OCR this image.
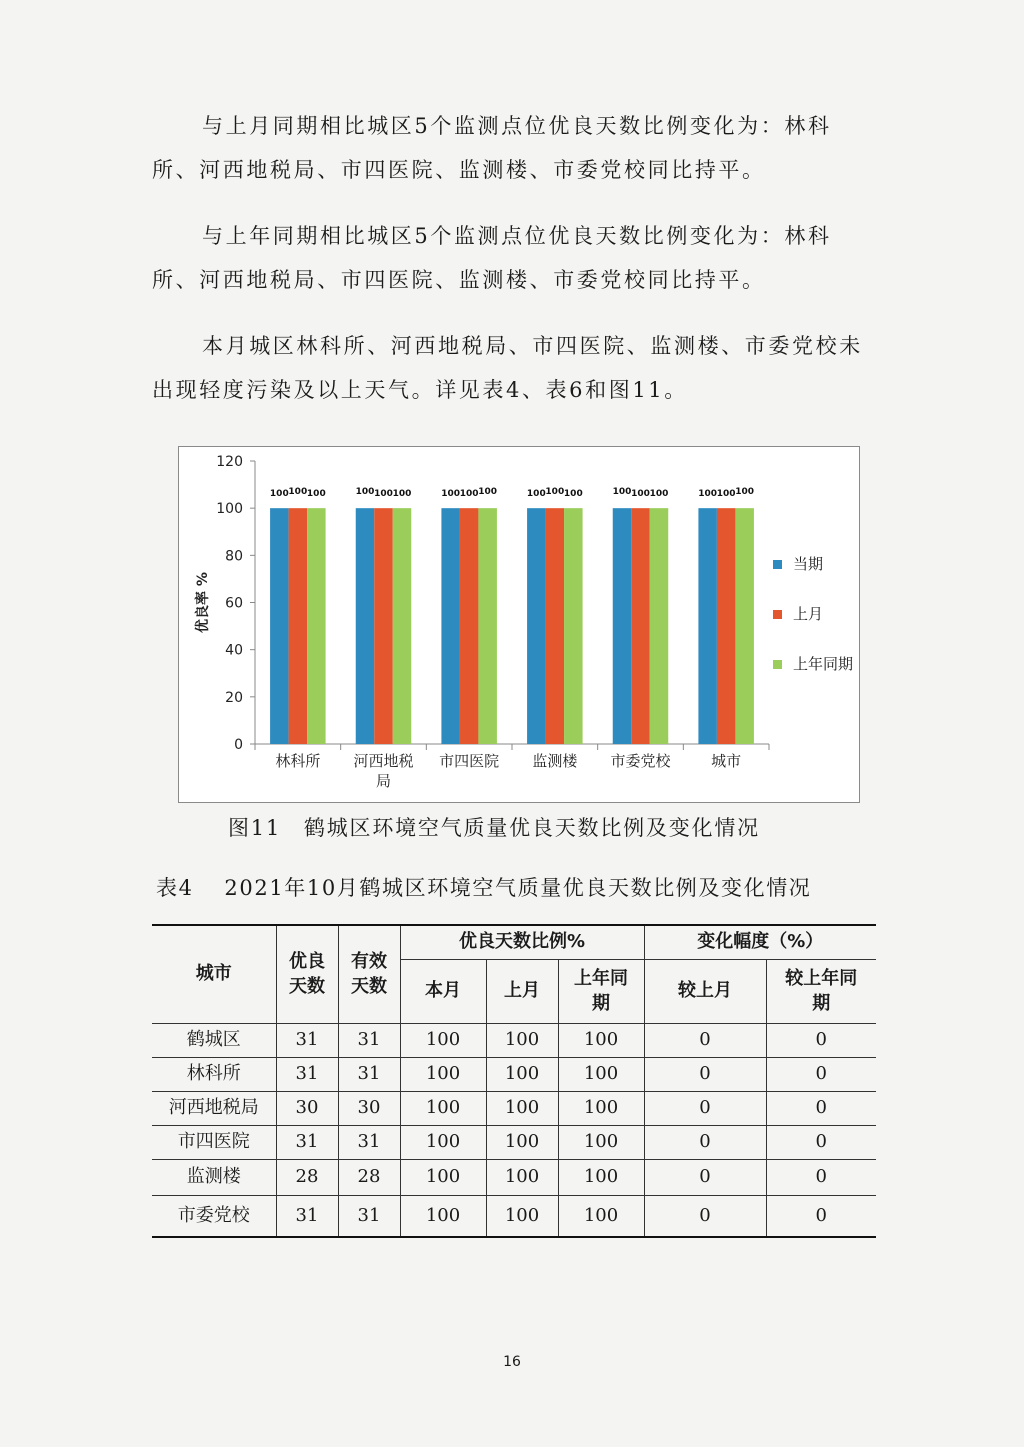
与上月同期相比城区5个监测点位优良天数比例变化为：林科所、河西地税局、市四医院、监测楼、市委党校同比持平。

与上年同期相比城区5个监测点位优良天数比例变化为：林科所、河西地税局、市四医院、监测楼、市委党校同比持平。

本月城区林科所、河西地税局、市四医院、监测楼、市委党校未出现轻度污染及以上天气。详见表4、表6和图11。

0
20
40
60
80
100
120
优良率 %
100 100 100
林科所
100 100 100
河西地税局
100 100 100
市四医院
100 100 100
监测楼
100 100 100
市委党校
100 100 100
城市
当期
上月
上年同期
图11　鹤城区环境空气质量优良天数比例及变化情况
表4　 2021年10月鹤城区环境空气质量优良天数比例及变化情况
城市	优良天数	有效天数	优良天数比例%			变化幅度（%）	
			本月	上月	上年同期	较上月	较上年同期
鹤城区	31	31	100	100	100	0	0
林科所	31	31	100	100	100	0	0
河西地税局	30	30	100	100	100	0	0
市四医院	31	31	100	100	100	0	0
监测楼	28	28	100	100	100	0	0
市委党校	31	31	100	100	100	0	0
16
